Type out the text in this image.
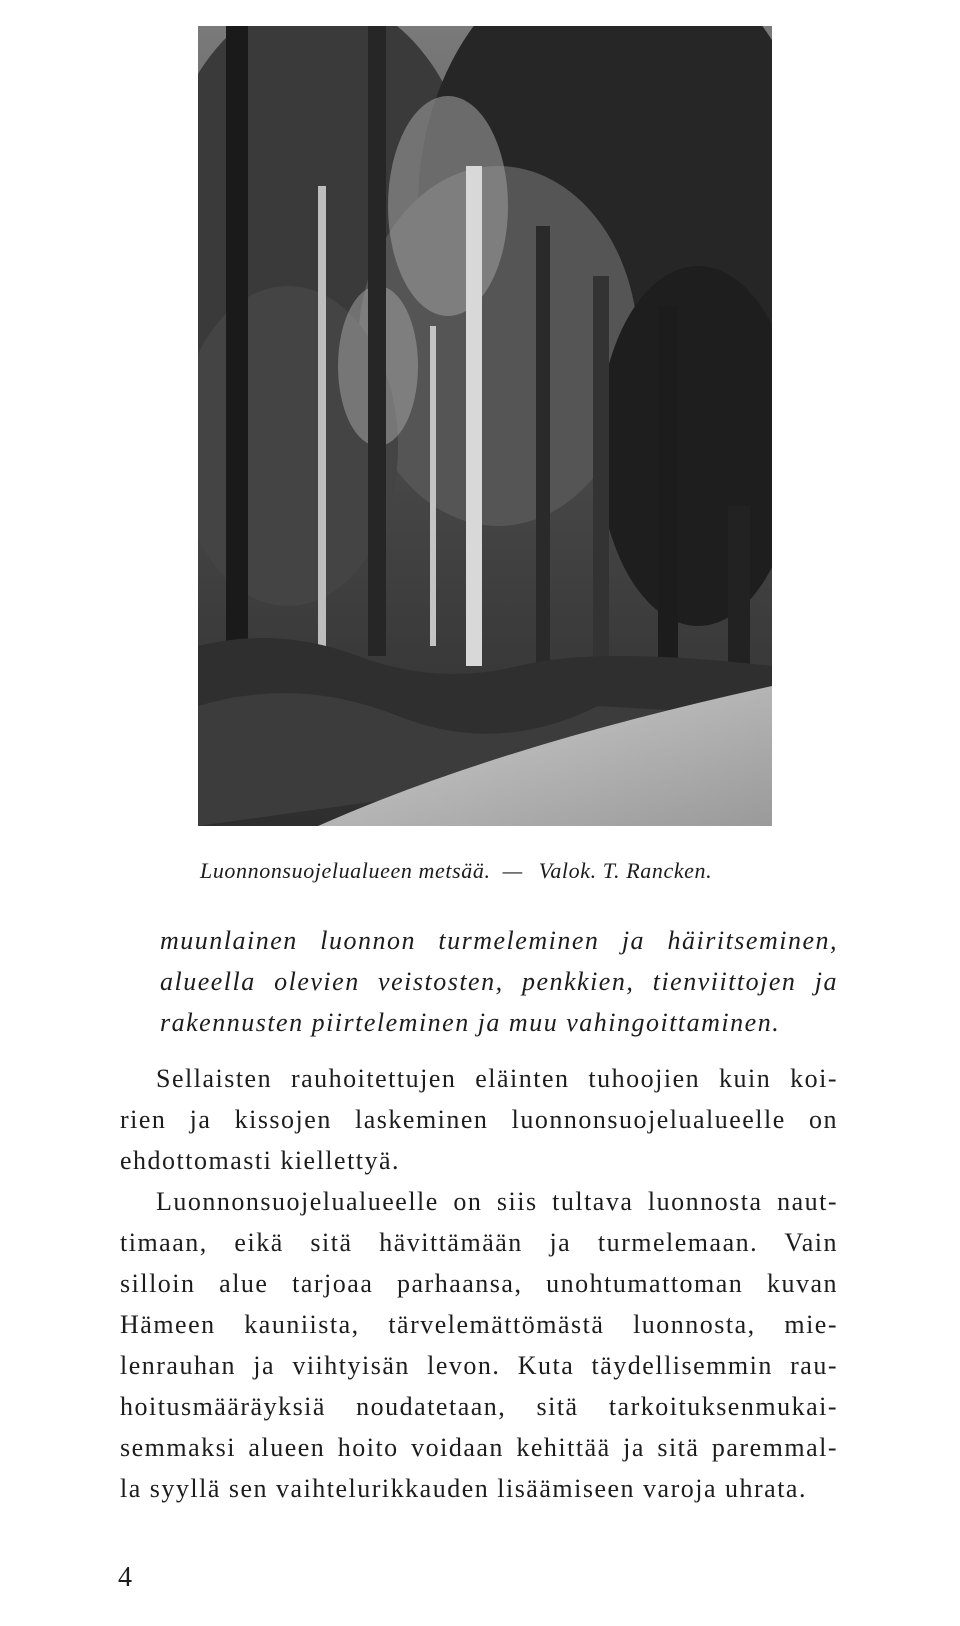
Luonnonsuojelualueen metsää. — Valok. T. Rancken.
muunlainen luonnon turmeleminen ja häiritseminen,
alueella olevien veistosten, penkkien, tienviittojen ja
rakennusten piirteleminen ja muu vahingoittaminen.
Sellaisten rauhoitettujen eläinten tuhoojien kuin koi-
rien ja kissojen laskeminen luonnonsuojelualueelle on
ehdottomasti kiellettyä.
Luonnonsuojelualueelle on siis tultava luonnosta naut-
timaan, eikä sitä hävittämään ja turmelemaan. Vain
silloin alue tarjoaa parhaansa, unohtumattoman kuvan
Hämeen kauniista, tärvelemättömästä luonnosta, mie-
lenrauhan ja viihtyisän levon. Kuta täydellisemmin rau-
hoitusmääräyksiä noudatetaan, sitä tarkoituksenmukai-
semmaksi alueen hoito voidaan kehittää ja sitä paremmal-
la syyllä sen vaihtelurikkauden lisäämiseen varoja uhrata.
4
